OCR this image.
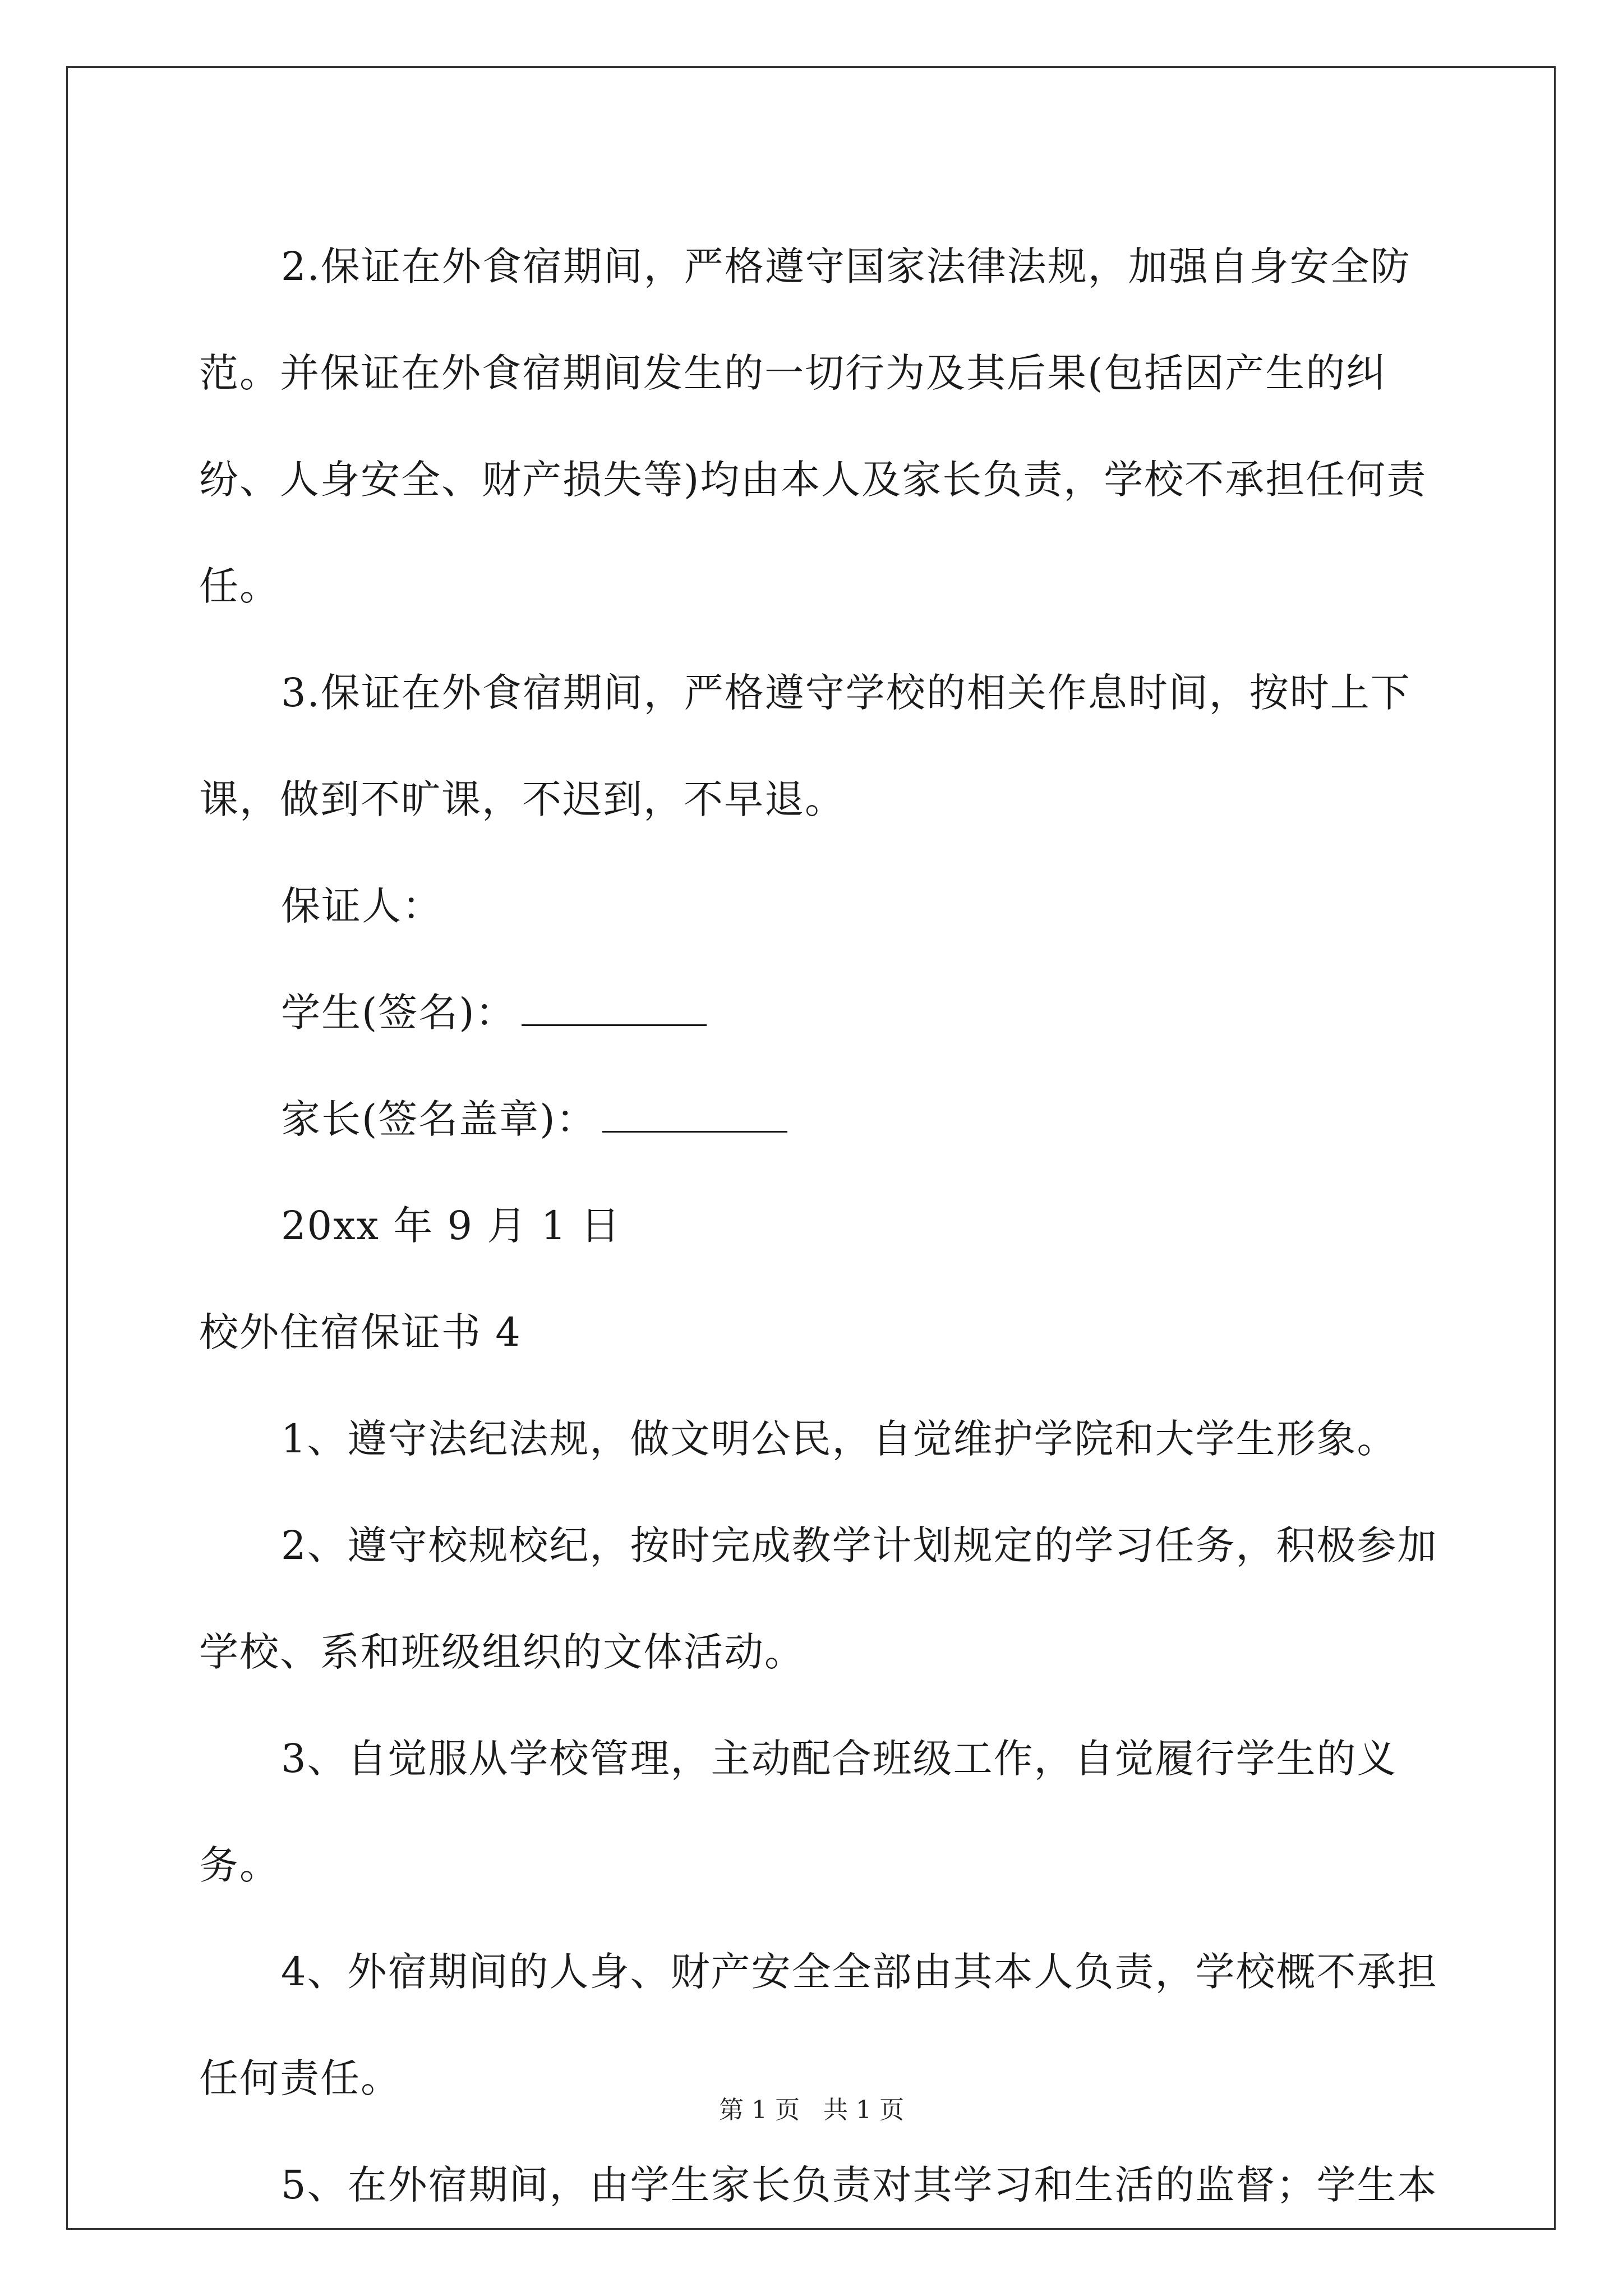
2.保证在外食宿期间，严格遵守国家法律法规，加强自身安全防范。并保证在外食宿期间发生的一切行为及其后果(包括因产生的纠纷、人身安全、财产损失等)均由本人及家长负责，学校不承担任何责任。

3.保证在外食宿期间，严格遵守学校的相关作息时间，按时上下课，做到不旷课，不迟到，不早退。

保证人：

学生(签名)：

家长(签名盖章)：

20xx 年 9 月 1 日

校外住宿保证书 4

1、遵守法纪法规，做文明公民，自觉维护学院和大学生形象。

2、遵守校规校纪，按时完成教学计划规定的学习任务，积极参加学校、系和班级组织的文体活动。

3、自觉服从学校管理，主动配合班级工作，自觉履行学生的义务。

4、外宿期间的人身、财产安全全部由其本人负责，学校概不承担任何责任。

5、在外宿期间，由学生家长负责对其学习和生活的监督；学生本

第 1 页 共 1 页
